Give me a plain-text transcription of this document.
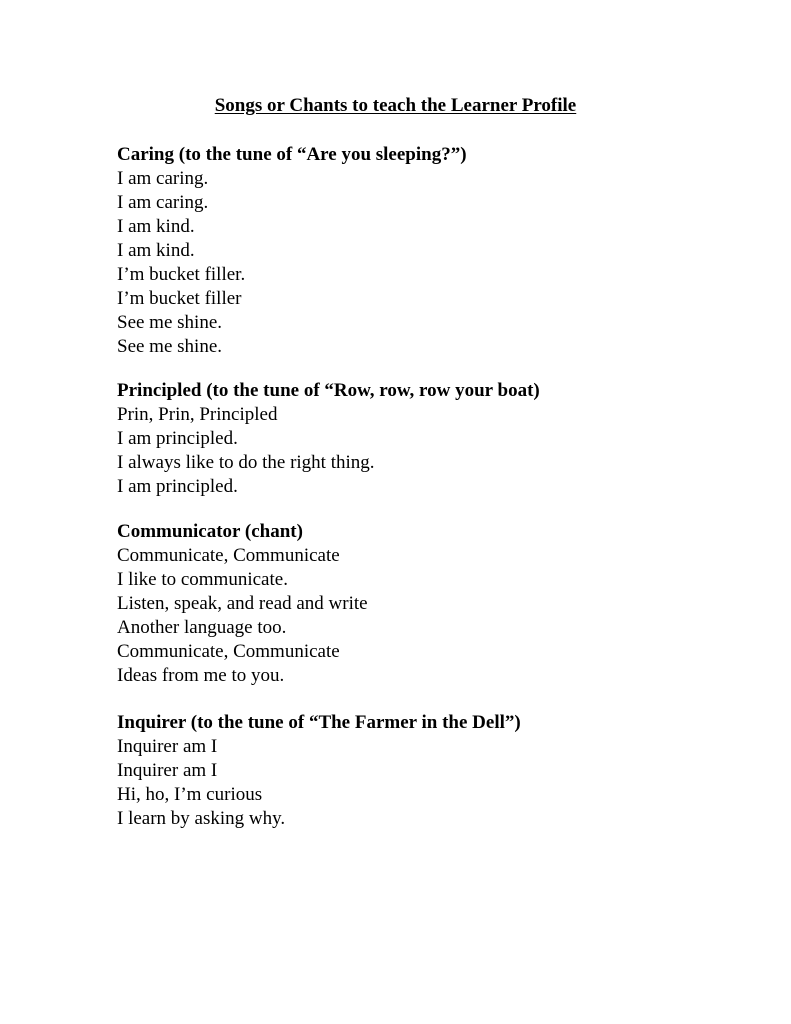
Songs or Chants to teach the Learner Profile

Caring (to the tune of “Are you sleeping?”)

I am caring.

I am caring.

I am kind.

I am kind.

I’m bucket filler.

I’m bucket filler

See me shine.

See me shine.

Principled (to the tune of “Row, row, row your boat)

Prin, Prin, Principled

I am principled.

I always like to do the right thing.

I am principled.

Communicator (chant)

Communicate, Communicate

I like to communicate.

Listen, speak, and read and write

Another language too.

Communicate, Communicate

Ideas from me to you.

Inquirer (to the tune of “The Farmer in the Dell”)

Inquirer am I

Inquirer am I

Hi, ho, I’m curious

I learn by asking why.
